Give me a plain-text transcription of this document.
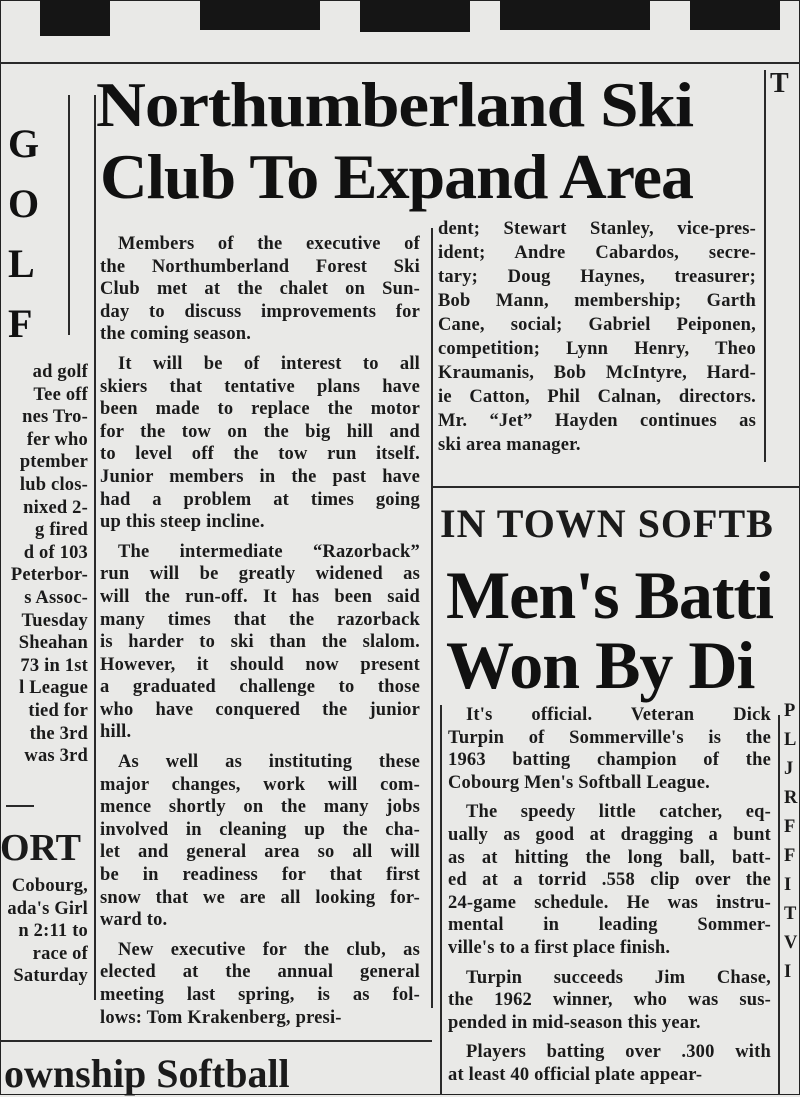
G
O
L
F
ad golf
Tee off
nes Tro-
fer who
ptember
lub clos-
nixed 2-
g fired
d of 103
Peterbor-
s Assoc-
Tuesday
Sheahan
73 in 1st
l League
tied for
the 3rd
was 3rd
ORT
Cobourg,
ada's Girl
n 2:11 to
race of
Saturday
Northumberland Ski
Club To Expand Area
Members of the executive of
the Northumberland Forest Ski
Club met at the chalet on Sun-
day to discuss improvements for
the coming season.
It will be of interest to all
skiers that tentative plans have
been made to replace the motor
for the tow on the big hill and
to level off the tow run itself.
Junior members in the past have
had a problem at times going
up this steep incline.
The intermediate “Razorback”
run will be greatly widened as
will the run-off. It has been said
many times that the razorback
is harder to ski than the slalom.
However, it should now present
a graduated challenge to those
who have conquered the junior
hill.
As well as instituting these
major changes, work will com-
mence shortly on the many jobs
involved in cleaning up the cha-
let and general area so all will
be in readiness for that first
snow that we are all looking for-
ward to.
New executive for the club, as
elected at the annual general
meeting last spring, is as fol-
lows: Tom Krakenberg, presi-
dent; Stewart Stanley, vice-pres-
ident; Andre Cabardos, secre-
tary; Doug Haynes, treasurer;
Bob Mann, membership; Garth
Cane, social; Gabriel Peiponen,
competition; Lynn Henry, Theo
Kraumanis, Bob McIntyre, Hard-
ie Catton, Phil Calnan, directors.
Mr. “Jet” Hayden continues as
ski area manager.
T
P
L
J
R
F
F
I
T
V
I
IN TOWN SOFTB
Men's Batti
Won By Di
It's official. Veteran Dick
Turpin of Sommerville's is the
1963 batting champion of the
Cobourg Men's Softball League.
The speedy little catcher, eq-
ually as good at dragging a bunt
as at hitting the long ball, batt-
ed at a torrid .558 clip over the
24-game schedule. He was instru-
mental in leading Sommer-
ville's to a first place finish.
Turpin succeeds Jim Chase,
the 1962 winner, who was sus-
pended in mid-season this year.
Players batting over .300 with
at least 40 official plate appear-
ownship Softball
